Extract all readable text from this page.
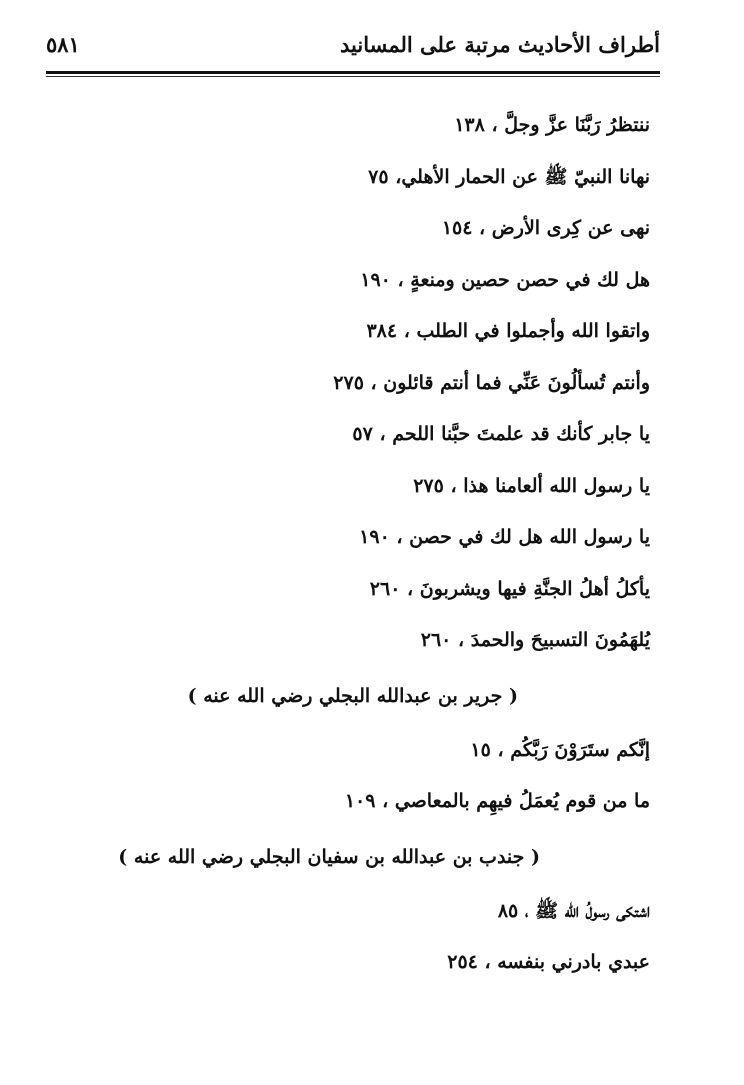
٥٨١	أطراف الأحاديث مرتبة على المسانيد

ننتظرُ رَبَّنَا عزَّ وجلَّ ، ١٣٨

نهانا النبيّ ﷺ عن الحمار الأهلي، ٧٥

نهى عن كِرى الأرض ، ١٥٤

هل لك في حصن حصين ومنعةٍ ، ١٩٠

واتقوا الله وأجملوا في الطلب ، ٣٨٤

وأنتم تُسألُونَ عَنِّي فما أنتم قائلون ، ٢٧٥

يا جابر كأنك قد علمتَ حبَّنا اللحم ، ٥٧

يا رسول الله ألعامنا هذا ، ٢٧٥

يا رسول الله هل لك في حصن ، ١٩٠

يأكلُ أهلُ الجنَّةِ فيها ويشربونَ ، ٢٦٠

يُلهَمُونَ التسبيحَ والحمدَ ، ٢٦٠

( جرير بن عبدالله البجلي رضي الله عنه )

إنَّكم ستَرَوْنَ رَبَّكُم ، ١٥

ما من قوم يُعمَلُ فيهِم بالمعاصي ، ١٠٩

( جندب بن عبدالله بن سفيان البجلي رضي الله عنه )

اشتكى رسولُ الله ﷺ ، ٨٥

عبدي بادرني بنفسه ، ٢٥٤
